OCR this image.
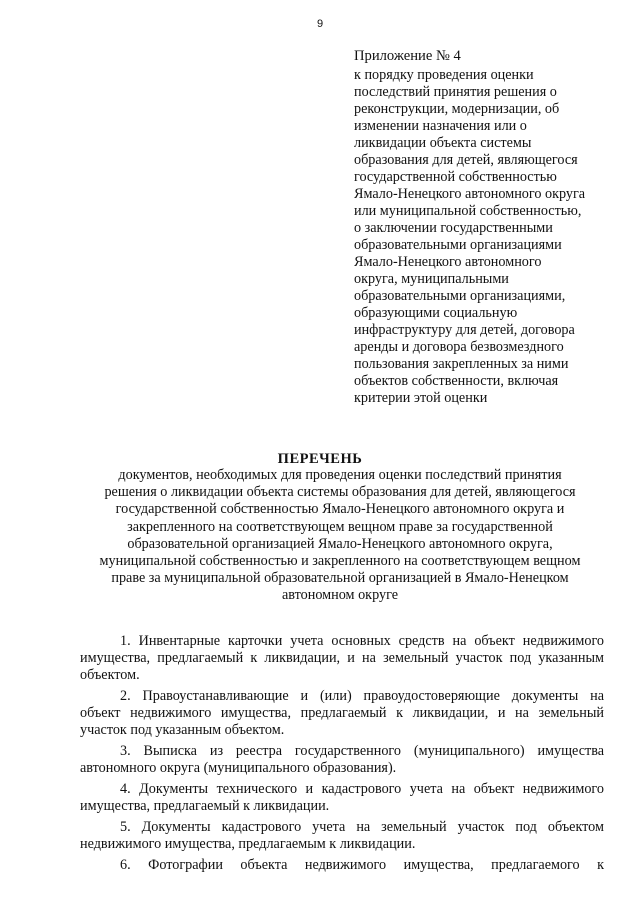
9
Приложение № 4
к порядку проведения оценки
последствий принятия решения о
реконструкции, модернизации, об
изменении назначения или о
ликвидации объекта системы
образования для детей, являющегося
государственной собственностью
Ямало-Ненецкого автономного округа
или муниципальной собственностью,
о заключении государственными
образовательными организациями
Ямало-Ненецкого автономного
округа, муниципальными
образовательными организациями,
образующими социальную
инфраструктуру для детей, договора
аренды и договора безвозмездного
пользования закрепленных за ними
объектов собственности, включая
критерии этой оценки
ПЕРЕЧЕНЬ
документов, необходимых для проведения оценки последствий принятия
решения о ликвидации объекта системы образования для детей, являющегося
государственной собственностью Ямало-Ненецкого автономного округа и
закрепленного на соответствующем вещном праве за государственной
образовательной организацией Ямало-Ненецкого автономного округа,
муниципальной собственностью и закрепленного на соответствующем вещном
праве за муниципальной образовательной организацией в Ямало-Ненецком
автономном округе
1. Инвентарные карточки учета основных средств на объект недвижимого
имущества, предлагаемый к ликвидации, и на земельный участок под указанным
объектом.
2. Правоустанавливающие и (или) правоудостоверяющие документы на
объект недвижимого имущества, предлагаемый к ликвидации, и на земельный
участок под указанным объектом.
3. Выписка из реестра государственного (муниципального) имущества
автономного округа (муниципального образования).
4. Документы технического и кадастрового учета на объект недвижимого
имущества, предлагаемый к ликвидации.
5. Документы кадастрового учета на земельный участок под объектом
недвижимого имущества, предлагаемым к ликвидации.
6. Фотографии объекта недвижимого имущества, предлагаемого к
